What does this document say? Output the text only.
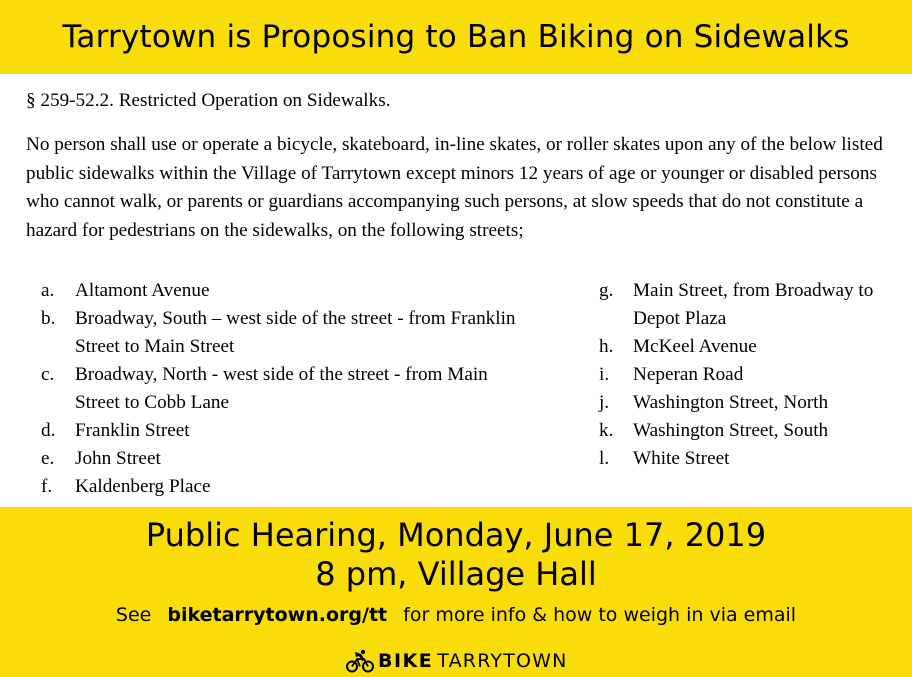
Tarrytown is Proposing to Ban Biking on Sidewalks
§ 259-52.2. Restricted Operation on Sidewalks.

No person shall use or operate a bicycle, skateboard, in-line skates, or roller skates upon any of the below listed public sidewalks within the Village of Tarrytown except minors 12 years of age or younger or disabled persons who cannot walk, or parents or guardians accompanying such persons, at slow speeds that do not constitute a hazard for pedestrians on the sidewalks, on the following streets;

a.	Altamont Avenue
b.	Broadway, South – west side of the street - from Franklin Street to Main Street
c.	Broadway, North - west side of the street - from Main Street to Cobb Lane
d.	Franklin Street
e.	John Street
f.	Kaldenberg Place
g.	Main Street, from Broadway to Depot Plaza
h.	McKeel Avenue
i.	Neperan Road
j.	Washington Street, North
k.	Washington Street, South
l.	White Street
Public Hearing, Monday, June 17, 2019
8 pm, Village Hall
See biketarrytown.org/tt for more info & how to weigh in via email
BIKE TARRYTOWN
